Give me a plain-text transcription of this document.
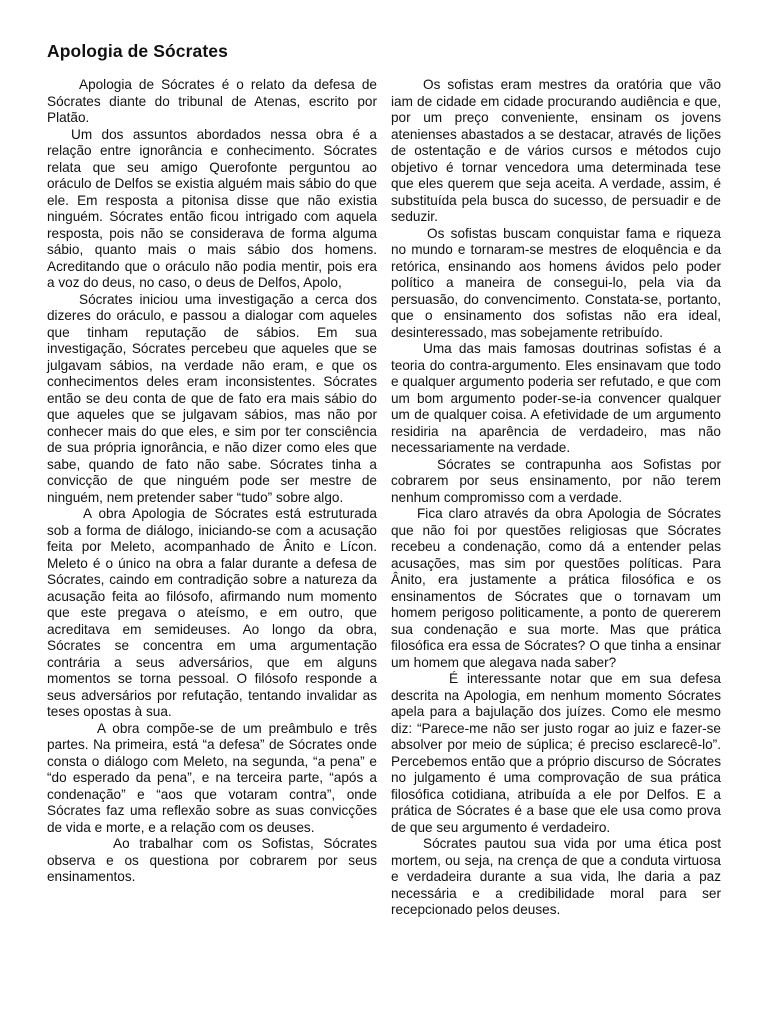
Apologia de Sócrates

Apologia de Sócrates é o relato da defesa de Sócrates diante do tribunal de Atenas, escrito por Platão.

Um dos assuntos abordados nessa obra é a relação entre ignorância e conhecimento. Sócrates relata que seu amigo Querofonte perguntou ao oráculo de Delfos se existia alguém mais sábio do que ele. Em resposta a pitonisa disse que não existia ninguém. Sócrates então ficou intrigado com aquela resposta, pois não se considerava de forma alguma sábio, quanto mais o mais sábio dos homens. Acreditando que o oráculo não podia mentir, pois era a voz do deus, no caso, o deus de Delfos, Apolo,

Sócrates iniciou uma investigação a cerca dos dizeres do oráculo, e passou a dialogar com aqueles que tinham reputação de sábios. Em sua investigação, Sócrates percebeu que aqueles que se julgavam sábios, na verdade não eram, e que os conhecimentos deles eram inconsistentes. Sócrates então se deu conta de que de fato era mais sábio do que aqueles que se julgavam sábios, mas não por conhecer mais do que eles, e sim por ter consciência de sua própria ignorância, e não dizer como eles que sabe, quando de fato não sabe. Sócrates tinha a convicção de que ninguém pode ser mestre de ninguém, nem pretender saber “tudo” sobre algo.

A obra Apologia de Sócrates está estruturada sob a forma de diálogo, iniciando-se com a acusação feita por Meleto, acompanhado de Ânito e Lícon. Meleto é o único na obra a falar durante a defesa de Sócrates, caindo em contradição sobre a natureza da acusação feita ao filósofo, afirmando num momento que este pregava o ateísmo, e em outro, que acreditava em semideuses. Ao longo da obra, Sócrates se concentra em uma argumentação contrária a seus adversários, que em alguns momentos se torna pessoal. O filósofo responde a seus adversários por refutação, tentando invalidar as teses opostas à sua.

A obra compõe-se de um preâmbulo e três partes. Na primeira, está “a defesa” de Sócrates onde consta o diálogo com Meleto, na segunda, “a pena” e “do esperado da pena”, e na terceira parte, “após a condenação” e “aos que votaram contra”, onde Sócrates faz uma reflexão sobre as suas convicções de vida e morte, e a relação com os deuses.

Ao trabalhar com os Sofistas, Sócrates observa e os questiona por cobrarem por seus ensinamentos.

Os sofistas eram mestres da oratória que vão iam de cidade em cidade procurando audiência e que, por um preço conveniente, ensinam os jovens atenienses abastados a se destacar, através de lições de ostentação e de vários cursos e métodos cujo objetivo é tornar vencedora uma determinada tese que eles querem que seja aceita. A verdade, assim, é substituída pela busca do sucesso, de persuadir e de seduzir.

Os sofistas buscam conquistar fama e riqueza no mundo e tornaram-se mestres de eloquência e da retórica, ensinando aos homens ávidos pelo poder político a maneira de consegui-lo, pela via da persuasão, do convencimento. Constata-se, portanto, que o ensinamento dos sofistas não era ideal, desinteressado, mas sobejamente retribuído.

Uma das mais famosas doutrinas sofistas é a teoria do contra-argumento. Eles ensinavam que todo e qualquer argumento poderia ser refutado, e que com um bom argumento poder-se-ia convencer qualquer um de qualquer coisa. A efetividade de um argumento residiria na aparência de verdadeiro, mas não necessariamente na verdade.

Sócrates se contrapunha aos Sofistas por cobrarem por seus ensinamento, por não terem nenhum compromisso com a verdade.

Fica claro através da obra Apologia de Sócrates que não foi por questões religiosas que Sócrates recebeu a condenação, como dá a entender pelas acusações, mas sim por questões políticas. Para Ânito, era justamente a prática filosófica e os ensinamentos de Sócrates que o tornavam um homem perigoso politicamente, a ponto de quererem sua condenação e sua morte. Mas que prática filosófica era essa de Sócrates? O que tinha a ensinar um homem que alegava nada saber?

É interessante notar que em sua defesa descrita na Apologia, em nenhum momento Sócrates apela para a bajulação dos juízes. Como ele mesmo diz: “Parece-me não ser justo rogar ao juiz e fazer-se absolver por meio de súplica; é preciso esclarecê-lo”. Percebemos então que a próprio discurso de Sócrates no julgamento é uma comprovação de sua prática filosófica cotidiana, atribuída a ele por Delfos. E a prática de Sócrates é a base que ele usa como prova de que seu argumento é verdadeiro.

Sócrates pautou sua vida por uma ética post mortem, ou seja, na crença de que a conduta virtuosa e verdadeira durante a sua vida, lhe daria a paz necessária e a credibilidade moral para ser recepcionado pelos deuses.
